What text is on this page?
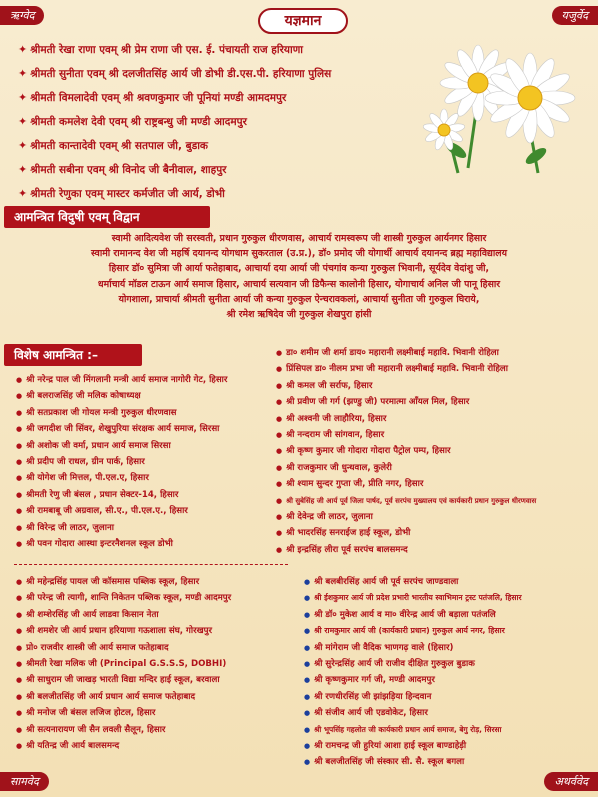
ऋग्वेद	यजुर्वेद
सामवेद	अथर्ववेद
यज्ञमान
✦ श्रीमती रेखा राणा एवम् श्री प्रेम राणा जी एस. ई. पंचायती राज हरियाणा
✦ श्रीमती सुनीता एवम् श्री दलजीतसिंह आर्य जी डोभी डी.एस.पी. हरियाणा पुलिस
✦ श्रीमती विमलादेवी एवम् श्री श्रवणकुमार जी पूनियां मण्डी आमदमपुर
✦ श्रीमती कमलेश देवी एवम् श्री राष्ट्रबन्धु जी मण्डी आदमपुर
✦ श्रीमती कान्तादेवी एवम् श्री सतपाल जी, बुडाक
✦ श्रीमती सबीना एवम् श्री विनोद जी बैनीवाल, शाहपुर
✦ श्रीमती रेणुका एवम् मास्टर कर्मजीत जी आर्य, डोभी
आमन्त्रित विदुषी एवम् विद्वान
स्वामी आदित्यवेश जी सरस्वती, प्रधान गुरुकुल धीरणवास, आचार्य रामस्वरूप जी शास्त्री गुरुकुल आर्यनगर हिसार
स्वामी रामानन्द वेश जी महर्षि दयानन्द योगधाम सुकरताल (उ.प्र.), डॉ० प्रमोद जी योगार्थी आचार्य दयानन्द ब्रह्म महाविद्यालय
हिसार डॉ० सुमित्रा जी आर्या फतेहाबाद, आचार्या दया आर्या जी पंचगांव कन्या गुरुकुल भिवानी, सूर्यदेव वेदांशु जी,
धर्माचार्य मॉडल टाऊन आर्य समाज हिसार, आचार्य सत्यवान जी डिफैन्स कालोनी हिसार, योगाचार्य अनिल जी पानू हिसार
योगशाला, प्राचार्या श्रीमती सुनीता आर्या जी कन्या गुरुकुल ऐन्चरावकलां, आचार्या सुनीता जी गुरुकुल घिराये,
श्री रमेश ऋषिदेव जी गुरुकुल शेखपुरा हांसी
विशेष आमन्त्रित :–
● श्री नरेन्द्र पाल जी मिंगलानी मन्त्री आर्य समाज नागोरी गेट, हिसार
● श्री बलराजसिंह जी मलिक कोषाध्यक्ष
● श्री सतप्रकाश जी गोयल मन्त्री गुरुकुल धीरणवास
● श्री जगदीश जी सिंवर, शेखुपुरिया संरक्षक आर्य समाज, सिरसा
● श्री अशोक जी वर्मा, प्रधान आर्य समाज सिरसा
● श्री प्रदीप जी राधल, ग्रीन पार्क, हिसार
● श्री योगेश जी मित्तल, पी.एल.ए, हिसार
● श्रीमती रेणु जी बंसल , प्रधान सेक्टर-14, हिसार
● श्री रामबाबू जी अग्रवाल, सी.ए., पी.एल.ए., हिसार
● श्री विरेन्द्र जी लाठर, जुलाना
● श्री पवन गोदारा आस्था इन्टरनैशनल स्कूल डोभी
● डा० शमीम जी शर्मा डाय० महारानी लक्ष्मीबाई महावि. भिवानी रोहिला
● प्रिंसिपल डा० नीलम प्रभा जी महारानी लक्ष्मीबाई महावि. भिवानी रोहिला
● श्री कमल जी सर्राफ, हिसार
● श्री प्रवीण जी गर्ग (झण्डु जी) परमात्मा आँयल मिल, हिसार
● श्री अश्वनी जी लाहौरिया, हिसार
● श्री नन्दराम जी सांगवान, हिसार
● श्री कृष्ण कुमार जी गोदारा गोदारा पैट्रोल पम्प, हिसार
● श्री राजकुमार जी धुन्धवाल, कुलेरी
● श्री श्याम सुन्दर गुप्ता जी, प्रीति नगर, हिसार
● श्री सुबेसिंह जी आर्य पूर्व जिला पार्षद, पूर्व सरपंच मुख्यालय एवं कार्यकारी प्रधान गुरुकुल धीरणवास
● श्री देवेन्द्र जी लाठर, जुलाना
● श्री भादरसिंह सनराईज हाई स्कूल, डोभी
● श्री इन्द्रसिंह लीरा पूर्व सरपंच बालसमन्द
● श्री महेन्द्रसिंह पायल जी कॉसमास पब्लिक स्कूल, हिसार
● श्री परेन्द्र जी त्यागी, शान्ति निकेतन पब्लिक स्कूल, मण्डी आदमपुर
● श्री शम्शेरसिंह जी आर्य लाडवा किसान नेता
● श्री शमशेर जी आर्य प्रधान हरियाणा गऊशाला संघ, गोरखपुर
● प्रो० राजवीर शास्त्री जी आर्य समाज फतेहाबाद
● श्रीमती रेखा मलिक जी (Principal G.S.S.S, DOBHI)
● श्री साधुराम जी जाखड़ भारती विद्या मन्दिर हाई स्कूल, बरवाला
● श्री बलजीतसिंह जी आर्य प्रधान आर्य समाज फतेहाबाद
● श्री मनोज जी बंसल लजिज होटल, हिसार
● श्री सत्यनारायण जी सैन लवली सैलून, हिसार
● श्री यतिन्द्र जी आर्य बालसमन्द
● श्री बलबीरसिंह आर्य जी पूर्व सरपंच जाण्डवाला
● श्री ईशकुमार आर्य जी प्रदेश प्रभारी भारतीय स्वाभिमान ट्रस्ट पतंजलि, हिसार
● श्री डॉ० मुकेश आर्य व मा० वीरेन्द्र आर्य जी बड़ाला पतंजलि
● श्री रामकुमार आर्य जी (कार्यकारी प्रधान) गुरुकुल आर्य नगर, हिसार
● श्री मांगेराम जी वैदिक भाणगढ़ वाले (हिसार)
● श्री सुरेन्द्रसिंह आर्य जी राजीव दीक्षित गुरुकुल बुडाक
● श्री कृष्णकुमार गर्ग जी, मण्डी आदमपुर
● श्री रणधीरसिंह जी झांझड़िया हिन्दवान
● श्री संजीव आर्य जी एडवोकेट, हिसार
● श्री भूपसिंह गहलोत जी कार्यकारी प्रधान आर्य समाज, बेगु रोड़, सिरसा
● श्री रामचन्द्र जी हुरियां आशा हाई स्कूल बाण्डाहेड़ी
● श्री बलजीतसिंह जी संस्कार सी. सै. स्कूल बगला
